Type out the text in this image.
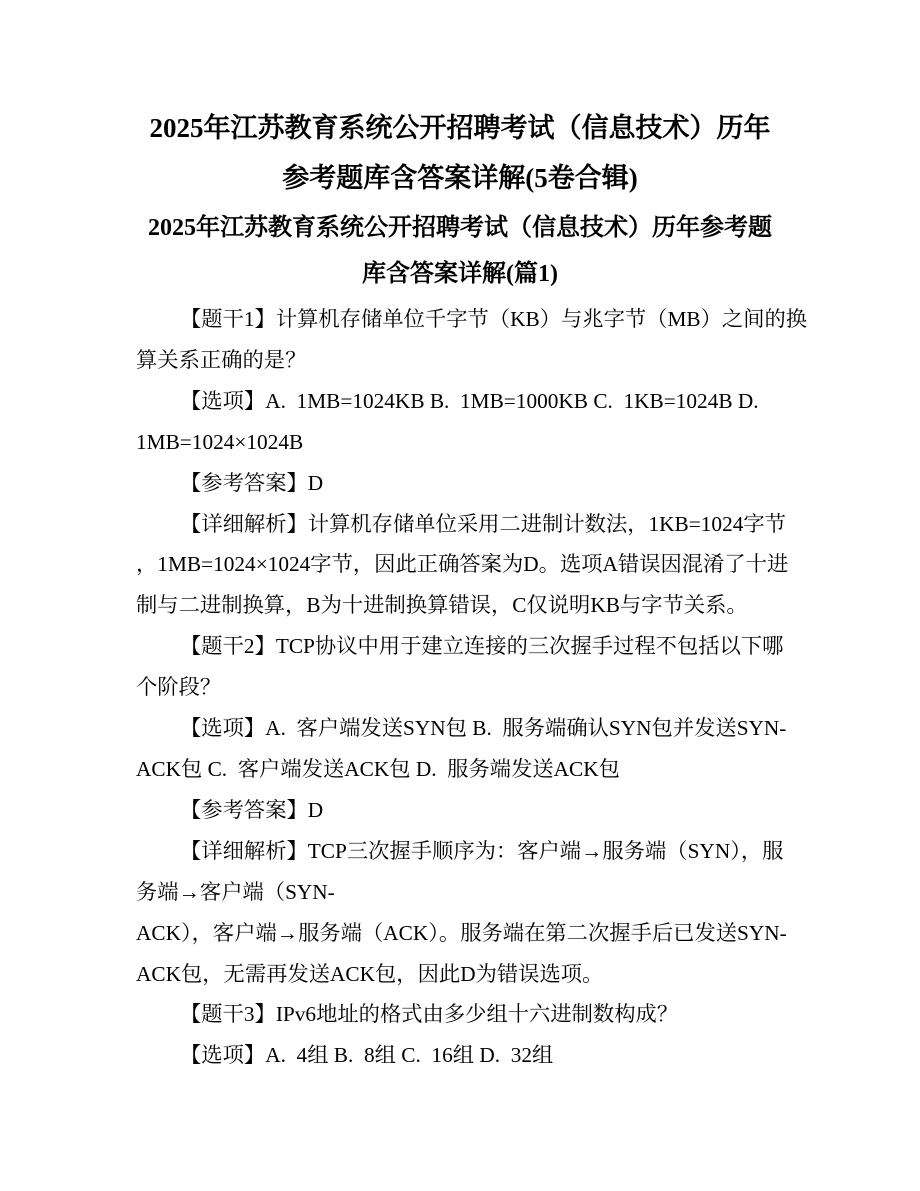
2025年江苏教育系统公开招聘考试（信息技术）历年
参考题库含答案详解(5卷合辑)
2025年江苏教育系统公开招聘考试（信息技术）历年参考题
库含答案详解(篇1)
【题干1】计算机存储单位千字节（KB）与兆字节（MB）之间的换
算关系正确的是？
【选项】A.  1MB=1024KB B.  1MB=1000KB C.  1KB=1024B D.
1MB=1024×1024B
【参考答案】D
【详细解析】计算机存储单位采用二进制计数法，1KB=1024字节
，1MB=1024×1024字节，因此正确答案为D。选项A错误因混淆了十进
制与二进制换算，B为十进制换算错误，C仅说明KB与字节关系。
【题干2】TCP协议中用于建立连接的三次握手过程不包括以下哪
个阶段？
【选项】A.  客户端发送SYN包 B.  服务端确认SYN包并发送SYN-
ACK包 C.  客户端发送ACK包 D.  服务端发送ACK包
【参考答案】D
【详细解析】TCP三次握手顺序为：客户端→服务端（SYN），服
务端→客户端（SYN-
ACK），客户端→服务端（ACK）。服务端在第二次握手后已发送SYN-
ACK包，无需再发送ACK包，因此D为错误选项。
【题干3】IPv6地址的格式由多少组十六进制数构成？
【选项】A.  4组 B.  8组 C.  16组 D.  32组
